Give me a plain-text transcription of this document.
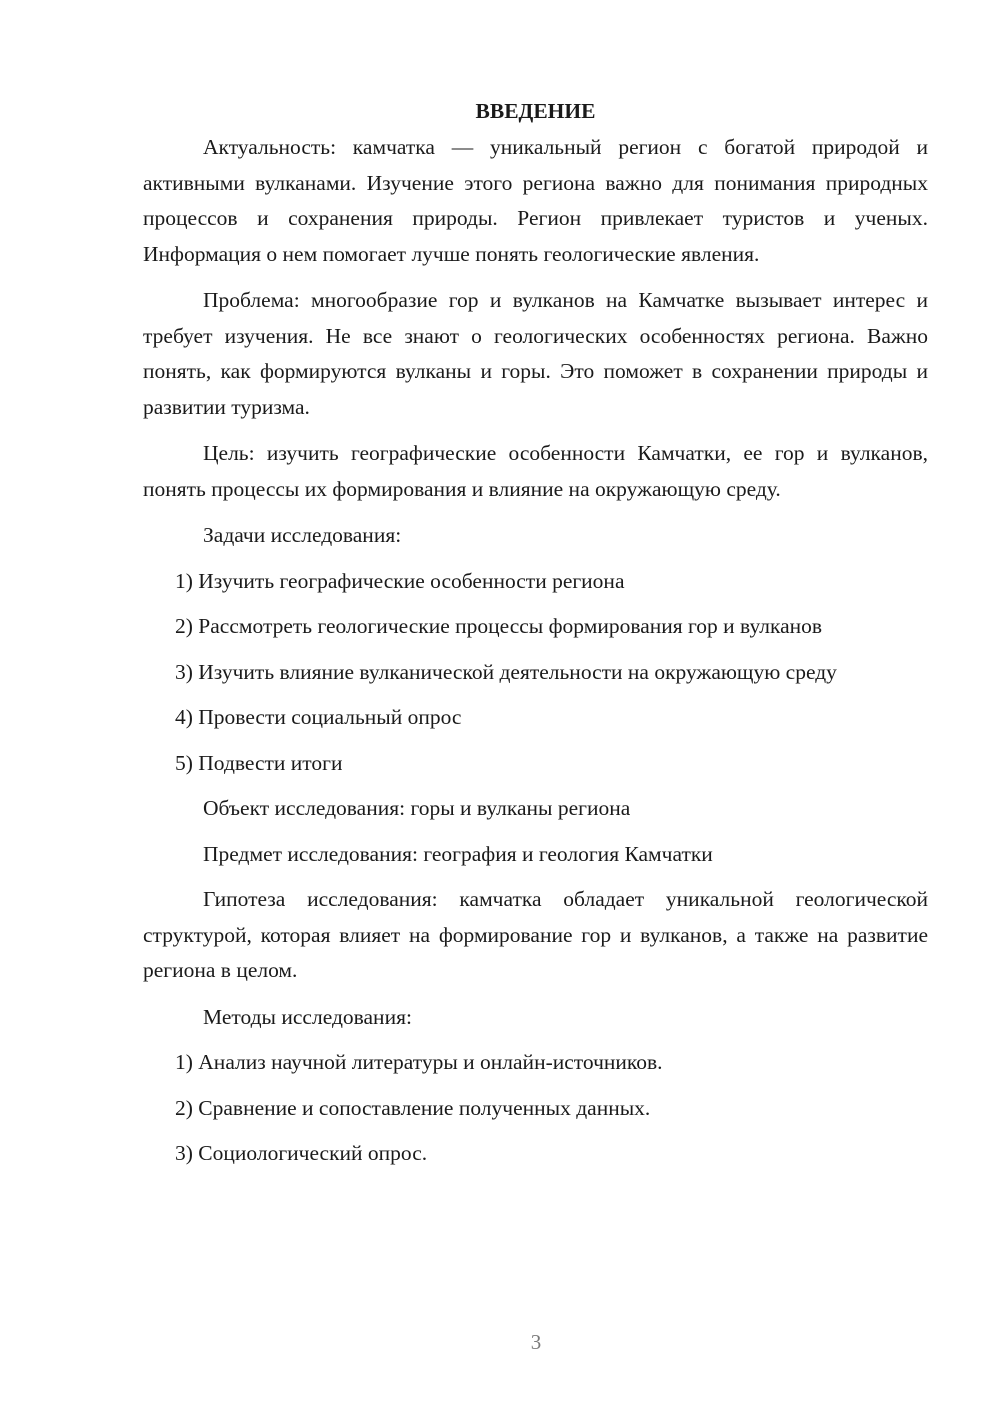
ВВЕДЕНИЕ

Актуальность: камчатка — уникальный регион с богатой природой и активными вулканами. Изучение этого региона важно для понимания природных процессов и сохранения природы. Регион привлекает туристов и ученых. Информация о нем помогает лучше понять геологические явления.

Проблема: многообразие гор и вулканов на Камчатке вызывает интерес и требует изучения. Не все знают о геологических особенностях региона. Важно понять, как формируются вулканы и горы. Это поможет в сохранении природы и развитии туризма.

Цель: изучить географические особенности Камчатки, ее гор и вулканов, понять процессы их формирования и влияние на окружающую среду.

Задачи исследования:

1) Изучить географические особенности региона

2) Рассмотреть геологические процессы формирования гор и вулканов

3) Изучить влияние вулканической деятельности на окружающую среду

4) Провести социальный опрос

5) Подвести итоги

Объект исследования: горы и вулканы региона

Предмет исследования: география и геология Камчатки

Гипотеза исследования: камчатка обладает уникальной геологической структурой, которая влияет на формирование гор и вулканов, а также на развитие региона в целом.

Методы исследования:

1) Анализ научной литературы и онлайн-источников.

2) Сравнение и сопоставление полученных данных.

3) Социологический опрос.

3
